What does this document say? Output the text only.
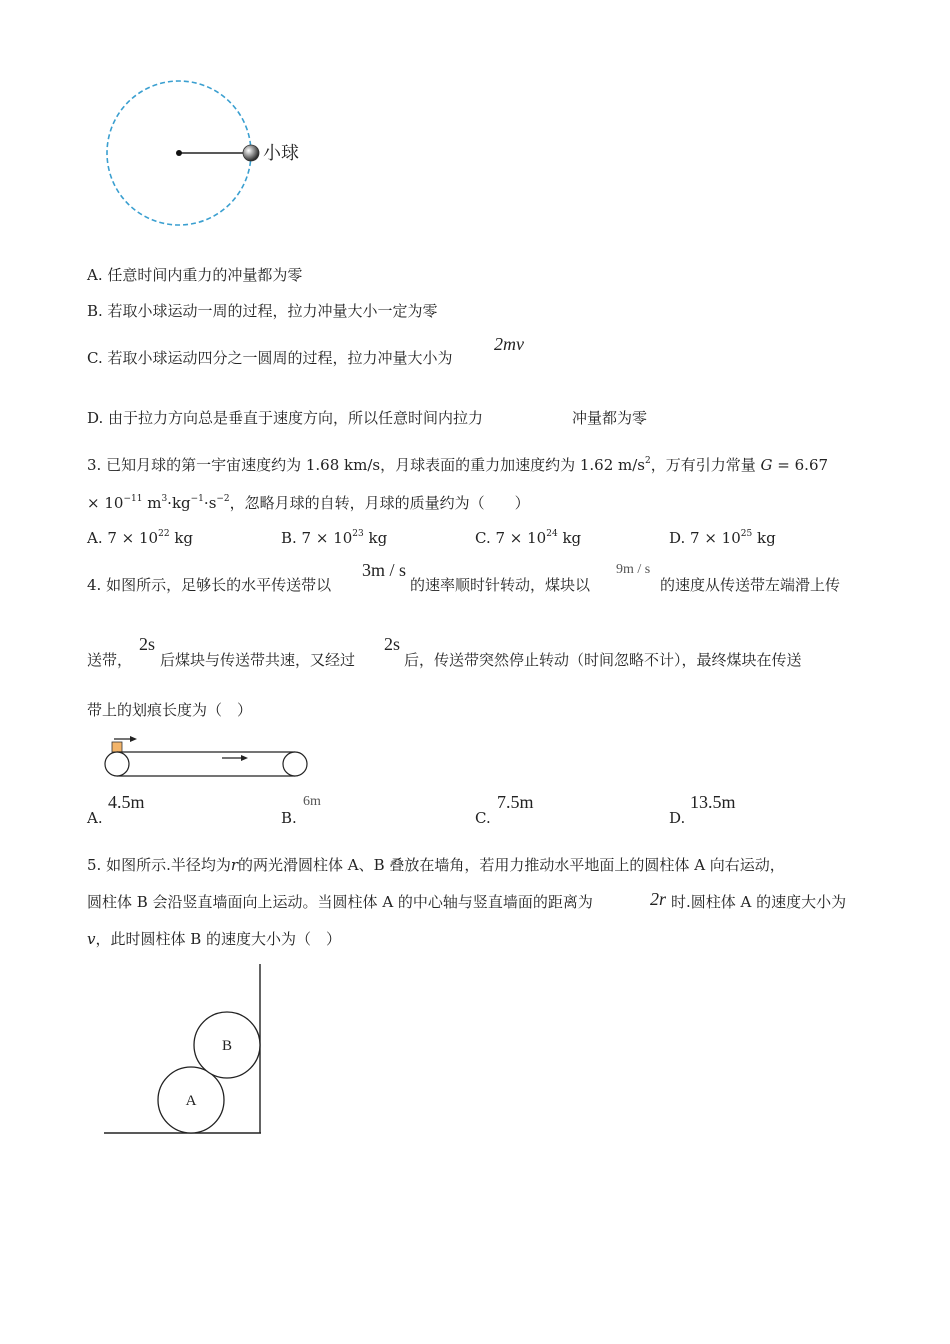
小球
A. 任意时间内重力的冲量都为零
B. 若取小球运动一周的过程，拉力冲量大小一定为零
C. 若取小球运动四分之一圆周的过程，拉力冲量大小为
2mv
D. 由于拉力方向总是垂直于速度方向，所以任意时间内拉力	冲量都为零
3. 已知月球的第一宇宙速度约为 1.68 km/s，月球表面的重力加速度约为 1.62 $m/s^2$，万有引力常量 G = 6.67
× $10^{-11}$ $m^3\cdot kg^{-1}\cdot s^{-2}$，忽略月球的自转，月球的质量约为（　　）
A. $7 \times 10^{22}$ kg	B. $7 \times 10^{23}$ kg	C. $7 \times 10^{24}$ kg	D. $7 \times 10^{25}$ kg
4. 如图所示，足够长的水平传送带以
3m / s
的速率顺时针转动，煤块以
9m / s
的速度从传送带左端滑上传
送带，
2s
后煤块与传送带共速，又经过
2s
后，传送带突然停止转动（时间忽略不计），最终煤块在传送
带上的划痕长度为（　）
A.
4.5m
B.
6m
C.
7.5m
D.
13.5m
5. 如图所示.半径均为r的两光滑圆柱体 A、B 叠放在墙角，若用力推动水平地面上的圆柱体 A 向右运动，
圆柱体 B 会沿竖直墙面向上运动。当圆柱体 A 的中心轴与竖直墙面的距离为	2r 时.圆柱体 A 的速度大小为
v，此时圆柱体 B 的速度大小为（　）
A
B
